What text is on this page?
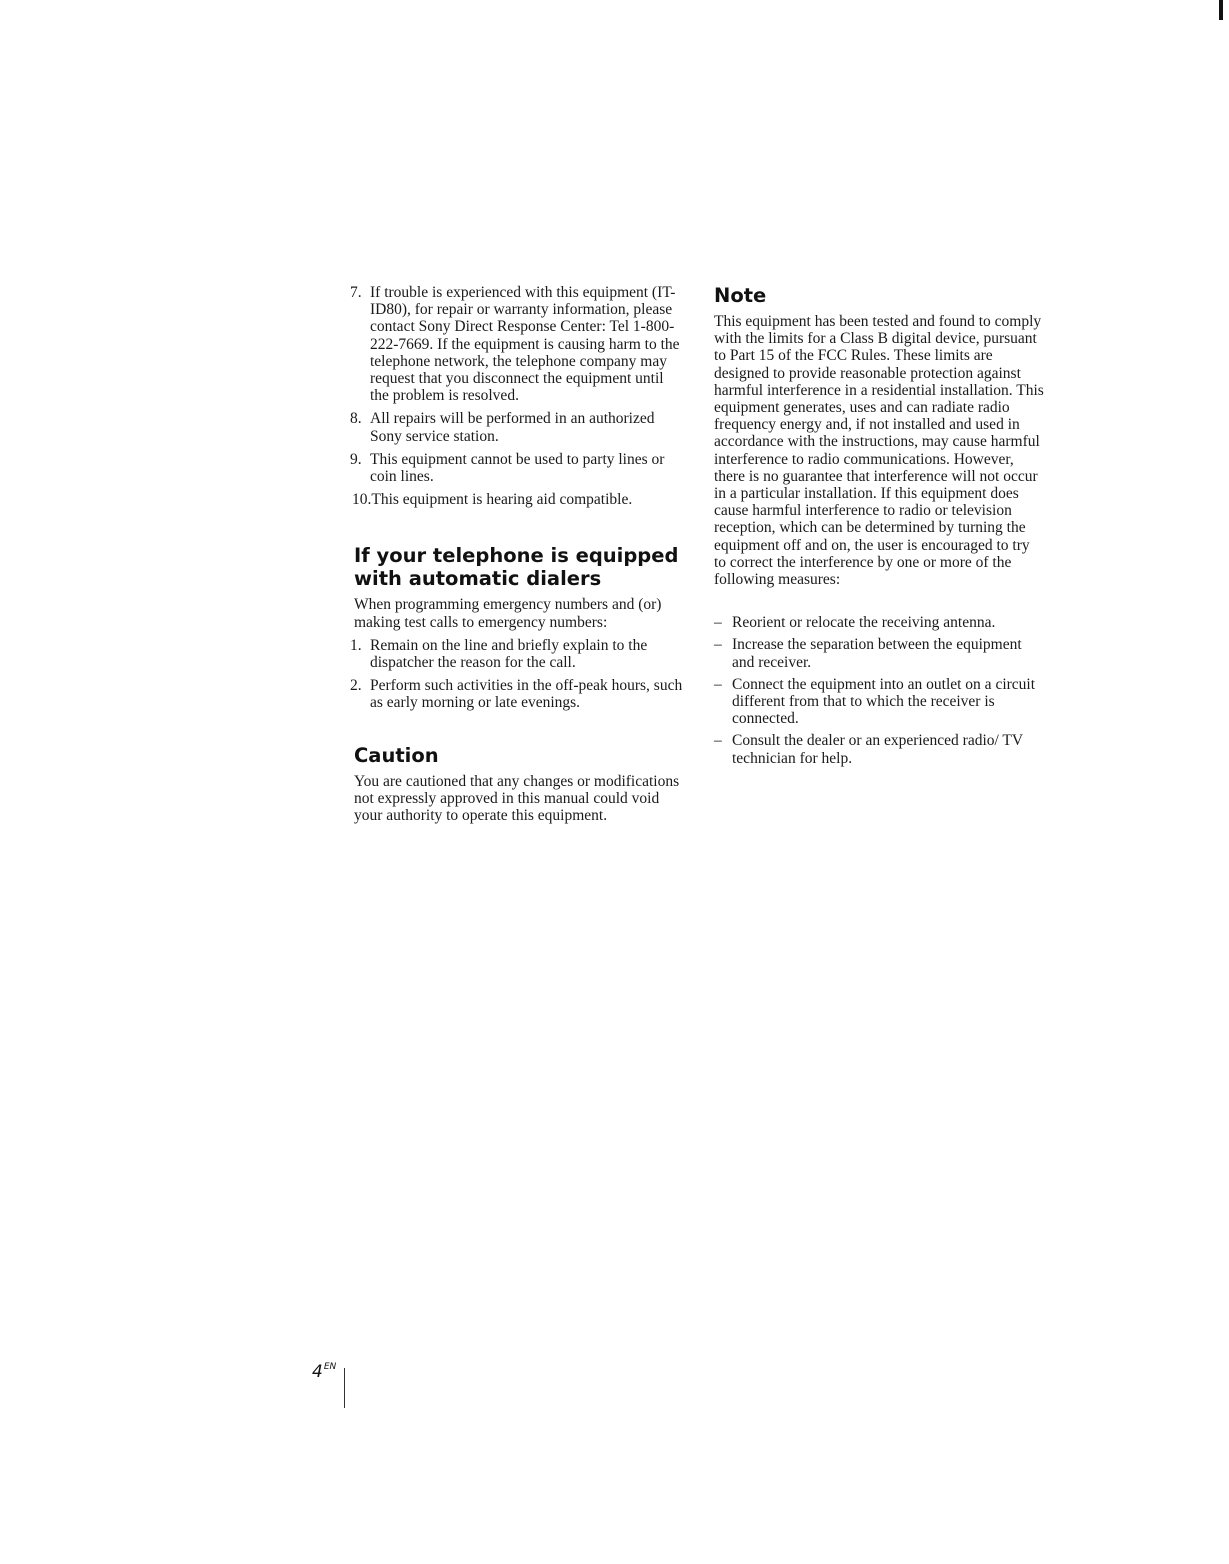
7. If trouble is experienced with this equipment (IT-ID80), for repair or warranty information, please contact Sony Direct Response Center: Tel 1-800-222-7669. If the equipment is causing harm to the telephone network, the telephone company may request that you disconnect the equipment until the problem is resolved.
8. All repairs will be performed in an authorized Sony service station.
9. This equipment cannot be used to party lines or coin lines.
10.This equipment is hearing aid compatible.
If your telephone is equipped with automatic dialers

When programming emergency numbers and (or) making test calls to emergency numbers:

1. Remain on the line and briefly explain to the dispatcher the reason for the call.
2. Perform such activities in the off-peak hours, such as early morning or late evenings.
Caution

You are cautioned that any changes or modifications not expressly approved in this manual could void your authority to operate this equipment.

Note

This equipment has been tested and found to comply with the limits for a Class B digital device, pursuant to Part 15 of the FCC Rules. These limits are designed to provide reasonable protection against harmful interference in a residential installation. This equipment generates, uses and can radiate radio frequency energy and, if not installed and used in accordance with the instructions, may cause harmful interference to radio communications. However, there is no guarantee that interference will not occur in a particular installation. If this equipment does cause harmful interference to radio or television reception, which can be determined by turning the equipment off and on, the user is encouraged to try to correct the interference by one or more of the following measures:

– Reorient or relocate the receiving antenna.
– Increase the separation between the equipment and receiver.
– Connect the equipment into an outlet on a circuit different from that to which the receiver is connected.
– Consult the dealer or an experienced radio/ TV technician for help.
$4^{EN}$
